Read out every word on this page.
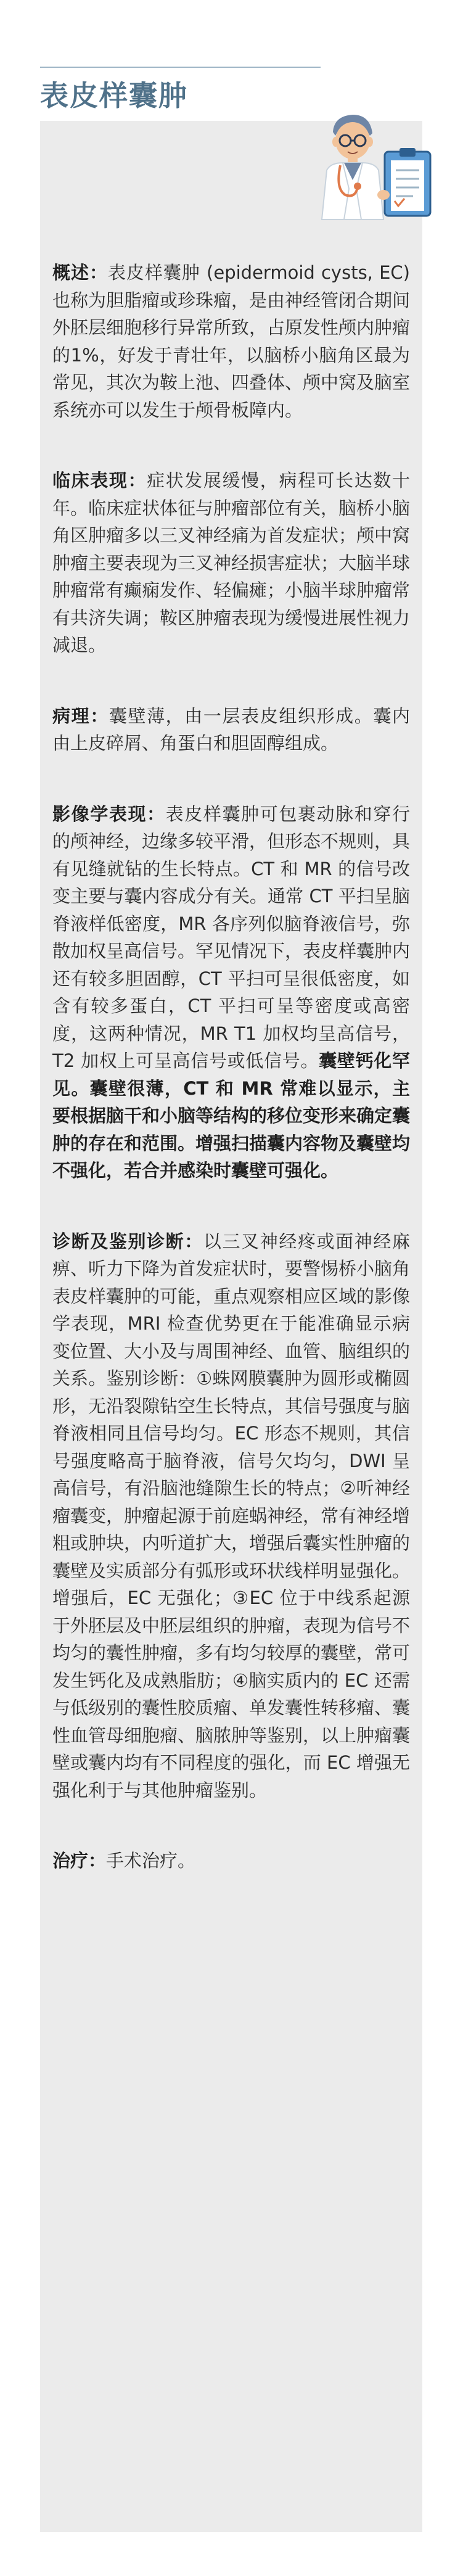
表皮样囊肿

概述：表皮样囊肿 (epidermoid cysts, EC) 也称为胆脂瘤或珍珠瘤，是由神经管闭合期间外胚层细胞移行异常所致，占原发性颅内肿瘤的1%，好发于青壮年，以脑桥小脑角区最为常见，其次为鞍上池、四叠体、颅中窝及脑室系统亦可以发生于颅骨板障内。

临床表现：症状发展缓慢，病程可长达数十年。临床症状体征与肿瘤部位有关，脑桥小脑角区肿瘤多以三叉神经痛为首发症状；颅中窝肿瘤主要表现为三叉神经损害症状；大脑半球肿瘤常有癫痫发作、轻偏瘫；小脑半球肿瘤常有共济失调；鞍区肿瘤表现为缓慢进展性视力减退。

病理：囊壁薄，由一层表皮组织形成。囊内由上皮碎屑、角蛋白和胆固醇组成。

影像学表现：表皮样囊肿可包裹动脉和穿行的颅神经，边缘多较平滑，但形态不规则，具有见缝就钻的生长特点。CT 和 MR 的信号改变主要与囊内容成分有关。通常 CT 平扫呈脑脊液样低密度，MR 各序列似脑脊液信号，弥散加权呈高信号。罕见情况下，表皮样囊肿内还有较多胆固醇，CT 平扫可呈很低密度，如含有较多蛋白，CT 平扫可呈等密度或高密度，这两种情况，MR T1 加权均呈高信号，T2 加权上可呈高信号或低信号。囊壁钙化罕见。囊壁很薄，CT 和 MR 常难以显示，主要根据脑干和小脑等结构的移位变形来确定囊肿的存在和范围。增强扫描囊内容物及囊壁均不强化，若合并感染时囊壁可强化。

诊断及鉴别诊断：以三叉神经疼或面神经麻痹、听力下降为首发症状时，要警惕桥小脑角表皮样囊肿的可能，重点观察相应区域的影像学表现，MRI 检查优势更在于能准确显示病变位置、大小及与周围神经、血管、脑组织的关系。鉴别诊断：①蛛网膜囊肿为圆形或椭圆形，无沿裂隙钻空生长特点，其信号强度与脑脊液相同且信号均匀。EC 形态不规则，其信号强度略高于脑脊液，信号欠均匀，DWI 呈高信号，有沿脑池缝隙生长的特点；②听神经瘤囊变，肿瘤起源于前庭蜗神经，常有神经增粗或肿块，内听道扩大，增强后囊实性肿瘤的囊壁及实质部分有弧形或环状线样明显强化。增强后，EC 无强化；③EC 位于中线系起源于外胚层及中胚层组织的肿瘤，表现为信号不均匀的囊性肿瘤，多有均匀较厚的囊壁，常可发生钙化及成熟脂肪；④脑实质内的 EC 还需与低级别的囊性胶质瘤、单发囊性转移瘤、囊性血管母细胞瘤、脑脓肿等鉴别，以上肿瘤囊壁或囊内均有不同程度的强化，而 EC 增强无强化利于与其他肿瘤鉴别。

治疗：手术治疗。
